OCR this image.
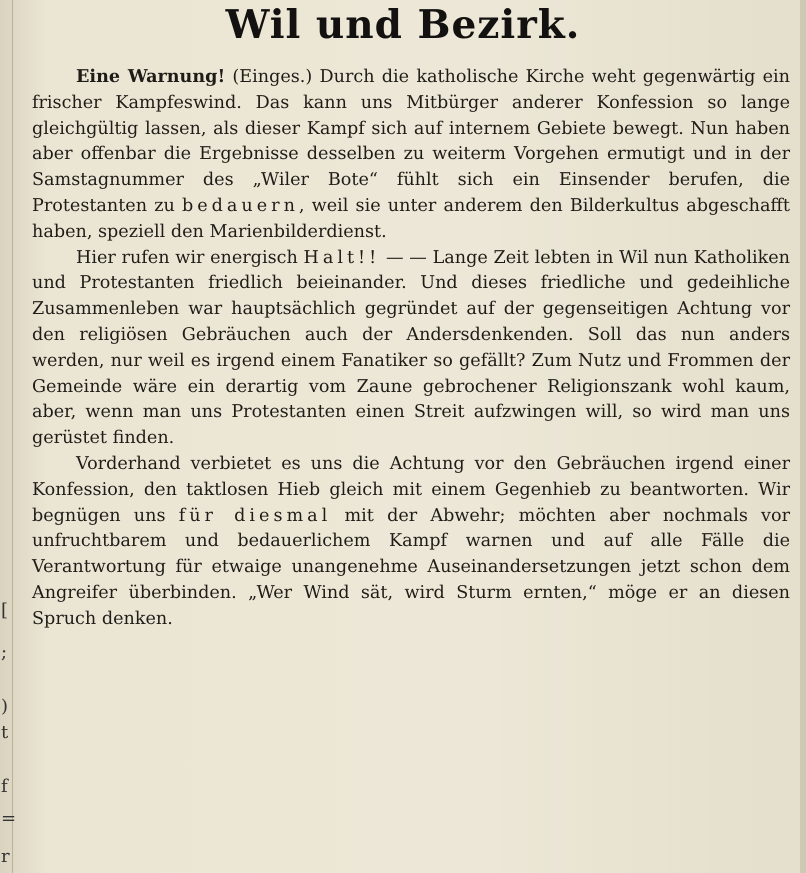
[
;
)
t
f
=
r
Wil und Bezirk.

Eine Warnung! (Einges.) Durch die katholische Kirche weht gegenwärtig ein frischer Kampfeswind. Das kann uns Mitbürger anderer Konfession so lange gleichgültig lassen, als dieser Kampf sich auf internem Gebiete bewegt. Nun haben aber offenbar die Ergebnisse desselben zu weiterm Vorgehen ermutigt und in der Samstagnummer des „Wiler Bote“ fühlt sich ein Einsender berufen, die Protestanten zu bedauern, weil sie unter anderem den Bilderkultus abgeschafft haben, speziell den Marienbilderdienst.

Hier rufen wir energisch Halt!! — — Lange Zeit lebten in Wil nun Katholiken und Protestanten friedlich beieinander. Und dieses friedliche und gedeihliche Zusammenleben war hauptsächlich gegründet auf der gegenseitigen Achtung vor den religiösen Gebräuchen auch der Andersdenkenden. Soll das nun anders werden, nur weil es irgend einem Fanatiker so gefällt? Zum Nutz und Frommen der Gemeinde wäre ein derartig vom Zaune gebrochener Religionszank wohl kaum, aber, wenn man uns Protestanten einen Streit aufzwingen will, so wird man uns gerüstet finden.

Vorderhand verbietet es uns die Achtung vor den Gebräuchen irgend einer Konfession, den taktlosen Hieb gleich mit einem Gegenhieb zu beantworten. Wir begnügen uns für diesmal mit der Abwehr; möchten aber nochmals vor unfruchtbarem und bedauerlichem Kampf warnen und auf alle Fälle die Verantwortung für etwaige unangenehme Auseinandersetzungen jetzt schon dem Angreifer überbinden. „Wer Wind sät, wird Sturm ernten,“ möge er an diesen Spruch denken.
